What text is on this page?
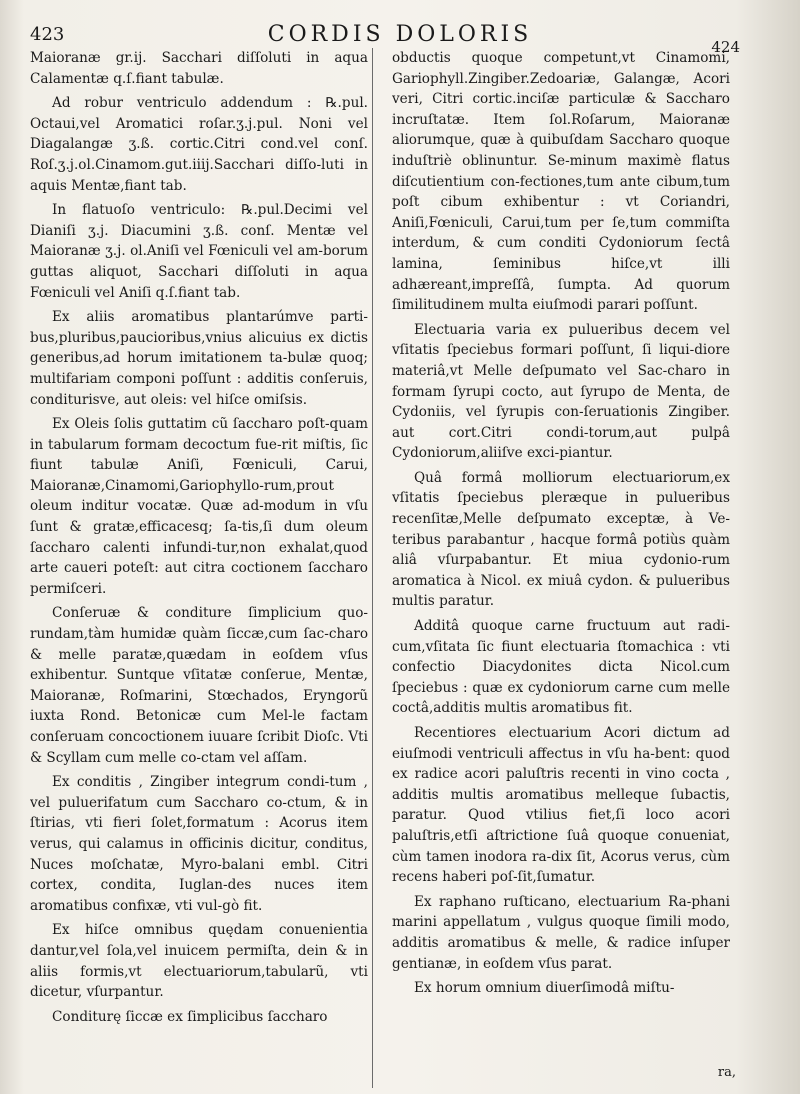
423	CORDIS DOLORIS	424

Maioranæ gr.ij. Sacchari diſſoluti in aqua Calamentæ q.ſ.fiant tabulæ.

Ad robur ventriculo addendum : ℞.pul. Octaui,vel Aromatici roſar.ʒ.j.pul. Noni vel Diagalangæ ʒ.ß. cortic.Citri cond.vel conſ. Roſ.ʒ.j.ol.Cinamom.gut.iiij.Sacchari diſſo-luti in aquis Mentæ,fiant tab.

In flatuoſo ventriculo: ℞.pul.Decimi vel Dianiſi ʒ.j. Diacumini ʒ.ß. conſ. Mentæ vel Maioranæ ʒ.j. ol.Aniſi vel Fœniculi vel am-borum guttas aliquot, Sacchari diſſoluti in aqua Fœniculi vel Aniſi q.ſ.fiant tab.

Ex aliis aromatibus plantarúmve parti-bus,pluribus,paucioribus,vnius alicuius ex dictis generibus,ad horum imitationem ta-bulæ quoq; multifariam componi poſſunt : additis conſeruis, conditurisve, aut oleis: vel hiſce omiſsis.

Ex Oleis ſolis guttatim cũ ſaccharo poſt-quam in tabularum formam decoctum fue-rit miſtis, ſic fiunt tabulæ Aniſi, Fœniculi, Carui, Maioranæ,Cinamomi,Gariophyllo-rum,prout oleum inditur vocatæ. Quæ ad-modum in vſu ſunt & gratæ,efficacesq; ſa-tis,ſi dum oleum ſaccharo calenti infundi-tur,non exhalat,quod arte caueri poteſt: aut citra coctionem ſaccharo permiſceri.

Conſeruæ & conditure ſimplicium quo-rundam,tàm humidæ quàm ſiccæ,cum ſac-charo & melle paratæ,quædam in eoſdem vſus exhibentur. Suntque vſitatæ conſerue, Mentæ, Maioranæ, Roſmarini, Stœchados, Eryngorũ iuxta Rond. Betonicæ cum Mel-le factam conſeruam concoctionem iuuare ſcribit Dioſc. Vti & Scyllam cum melle co-ctam vel aſſam.

Ex conditis , Zingiber integrum condi-tum , vel puluerifatum cum Saccharo co-ctum, & in ſtirias, vti fieri ſolet,formatum : Acorus item verus, qui calamus in officinis dicitur, conditus, Nuces moſchatæ, Myro-balani embl. Citri cortex, condita, Iuglan-des nuces item aromatibus confixæ, vti vul-gò fit.

Ex hiſce omnibus quędam conuenientia dantur,vel ſola,vel inuicem permiſta, dein & in aliis formis,vt electuariorum,tabularũ, vti dicetur, vſurpantur.

Conditurę ſiccæ ex ſimplicibus ſaccharo

obductis quoque competunt,vt Cinamomi, Gariophyll.Zingiber.Zedoariæ, Galangæ, Acori veri, Citri cortic.inciſæ particulæ & Saccharo incruſtatæ. Item ſol.Roſarum, Maioranæ aliorumque, quæ à quibuſdam Saccharo quoque induſtriè oblinuntur. Se-minum maximè flatus diſcutientium con-fectiones,tum ante cibum,tum poſt cibum exhibentur : vt Coriandri, Aniſi,Fœniculi, Carui,tum per ſe,tum commiſta interdum, & cum conditi Cydoniorum ſectâ lamina, ſeminibus hiſce,vt illi adhæreant,impreſſâ, ſumpta. Ad quorum ſimilitudinem multa eiuſmodi parari poſſunt.

Electuaria varia ex pulueribus decem vel vſitatis ſpeciebus formari poſſunt, ſi liqui-diore materiâ,vt Melle deſpumato vel Sac-charo in formam ſyrupi cocto, aut ſyrupo de Menta, de Cydoniis, vel ſyrupis con-ſeruationis Zingiber. aut cort.Citri condi-torum,aut pulpâ Cydoniorum,aliiſve exci-piantur.

Quâ formâ molliorum electuariorum,ex vſitatis ſpeciebus pleræque in pulueribus recenſitæ,Melle deſpumato exceptæ, à Ve-teribus parabantur , hacque formâ potiùs quàm aliâ vſurpabantur. Et miua cydonio-rum aromatica à Nicol. ex miuâ cydon. & pulueribus multis paratur.

Additâ quoque carne fructuum aut radi-cum,vſitata ſic fiunt electuaria ſtomachica : vti confectio Diacydonites dicta Nicol.cum ſpeciebus : quæ ex cydoniorum carne cum melle coctâ,additis multis aromatibus fit.

Recentiores electuarium Acori dictum ad eiuſmodi ventriculi affectus in vſu ha-bent: quod ex radice acori paluſtris recenti in vino cocta , additis multis aromatibus melleque ſubactis, paratur. Quod vtilius fiet,ſi loco acori paluſtris,etſi aſtrictione ſuâ quoque conueniat, cùm tamen inodora ra-dix ſit, Acorus verus, cùm recens haberi poſ-ſit,ſumatur.

Ex raphano ruſticano, electuarium Ra-phani marini appellatum , vulgus quoque ſimili modo, additis aromatibus & melle, & radice inſuper gentianæ, in eoſdem vſus parat.

Ex horum omnium diuerſimodâ miſtu-

ra,
